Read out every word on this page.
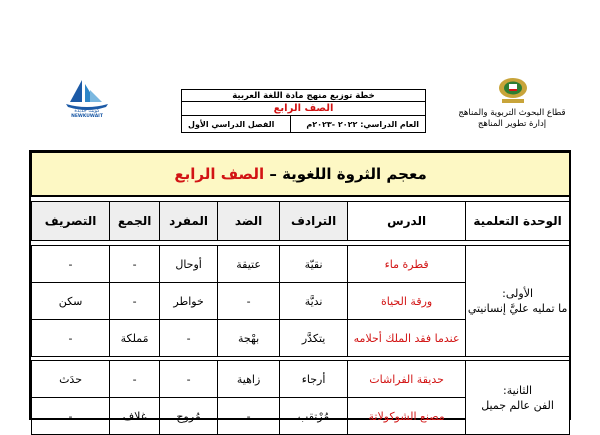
كويت جديدة
NEWKUWAIT	قطاع البحوث التربوية والمناهج
إدارة تطوير المناهج
خطة توزيع منهج مادة اللغة العربية
الصف الرابع
العام الدراسي: ٢٠٢٢ -٢٠٢٣م
الفصل الدراسي الأول
معجم الثروة اللغوية – الصف الرابع						

الوحدة التعلمية	الدرس	الترادف	الضد	المفرد	الجمع	التصريف

الأولى:
ما تمليه عليَّ إنسانيتي	قطرة ماء	نقيّة	عتيقة	أوحال	-	-
	ورقة الحياة	نديَّة	-	خواطر	-	سكن
	عندما فقد الملك أحلامه	يتكدَّر	بهْجة	-	مَملكة	-

الثانية:
الفن عالم جميل	حديقة الفراشات	أرجاء	زاهية	-	-	حدَث
	مصنع الشوكولاتة	مُرْتقب	-	مُروج	غلاف	-
